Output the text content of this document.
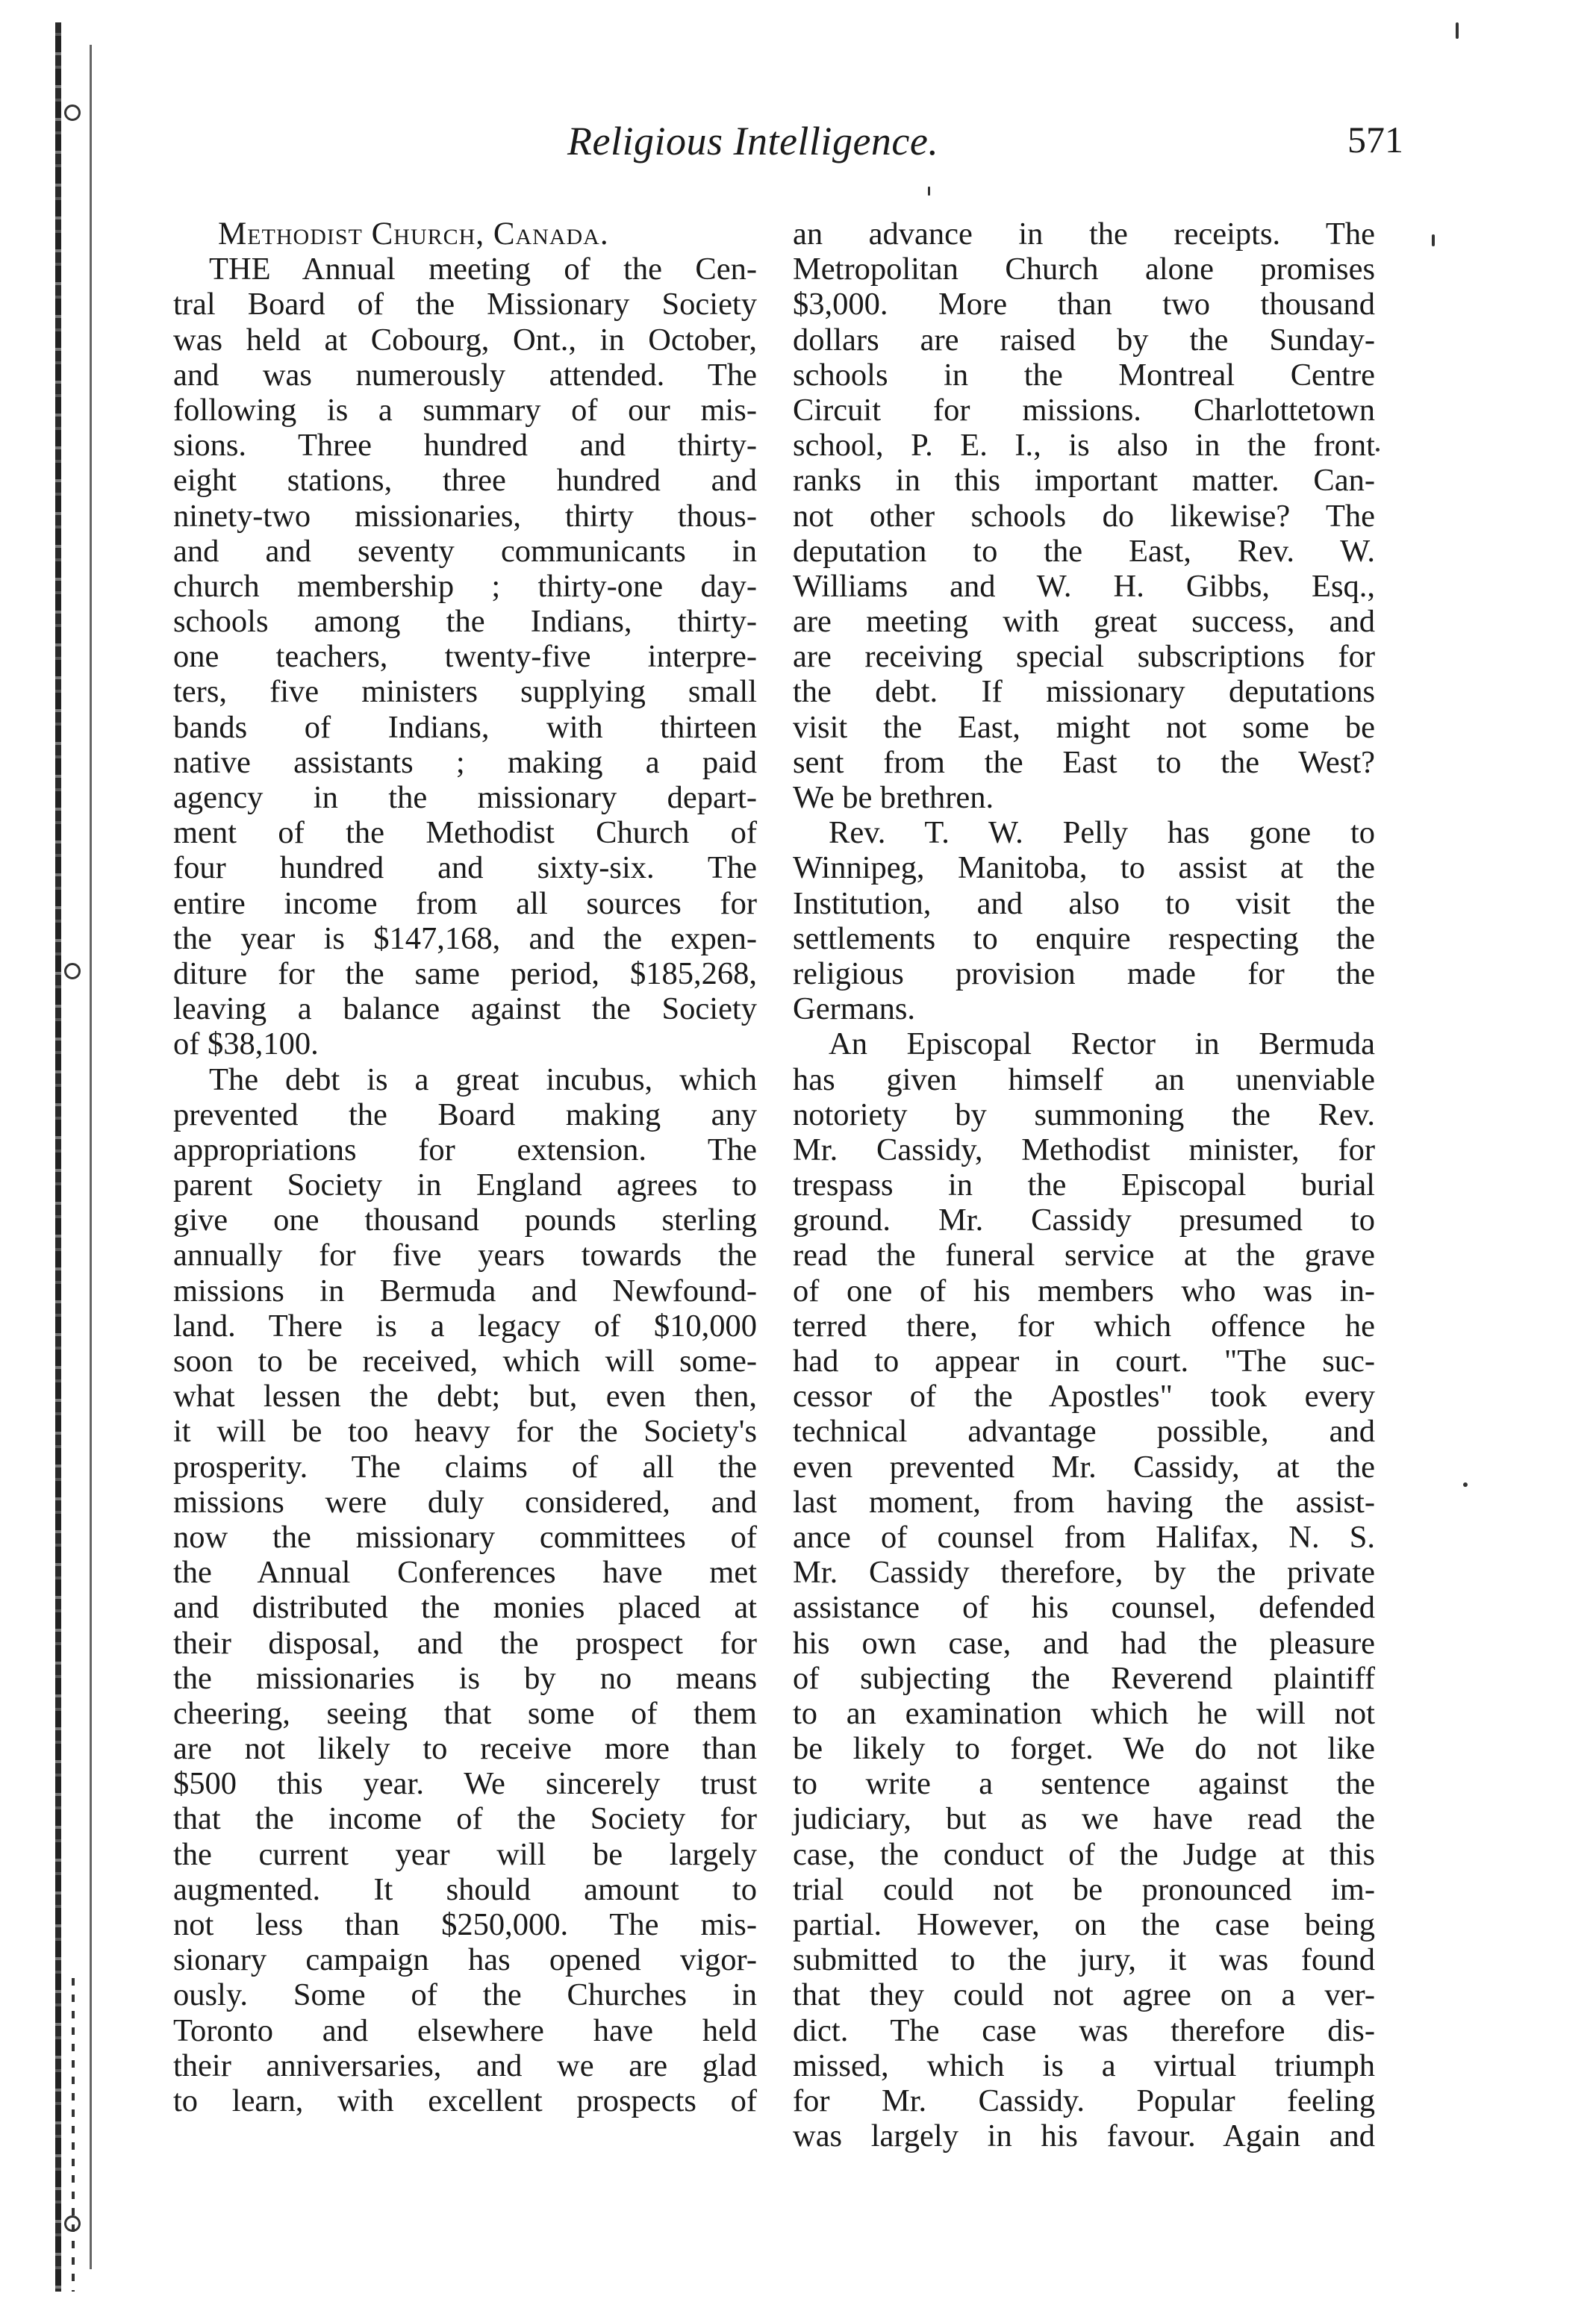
Religious Intelligence.	571
Methodist Church, Canada.
THE Annual meeting of the Cen-
tral Board of the Missionary Society
was held at Cobourg, Ont., in October,
and was numerously attended. The
following is a summary of our mis-
sions. Three hundred and thirty-
eight stations, three hundred and
ninety-two missionaries, thirty thous-
and and seventy communicants in
church membership ; thirty-one day-
schools among the Indians, thirty-
one teachers, twenty-five interpre-
ters, five ministers supplying small
bands of Indians, with thirteen
native assistants ; making a paid
agency in the missionary depart-
ment of the Methodist Church of
four hundred and sixty-six. The
entire income from all sources for
the year is $147,168, and the expen-
diture for the same period, $185,268,
leaving a balance against the Society
of $38,100.
The debt is a great incubus, which
prevented the Board making any
appropriations for extension. The
parent Society in England agrees to
give one thousand pounds sterling
annually for five years towards the
missions in Bermuda and Newfound-
land. There is a legacy of $10,000
soon to be received, which will some-
what lessen the debt; but, even then,
it will be too heavy for the Society's
prosperity. The claims of all the
missions were duly considered, and
now the missionary committees of
the Annual Conferences have met
and distributed the monies placed at
their disposal, and the prospect for
the missionaries is by no means
cheering, seeing that some of them
are not likely to receive more than
$500 this year. We sincerely trust
that the income of the Society for
the current year will be largely
augmented. It should amount to
not less than $250,000. The mis-
sionary campaign has opened vigor-
ously. Some of the Churches in
Toronto and elsewhere have held
their anniversaries, and we are glad
to learn, with excellent prospects of
an advance in the receipts. The
Metropolitan Church alone promises
$3,000. More than two thousand
dollars are raised by the Sunday-
schools in the Montreal Centre
Circuit for missions. Charlottetown
school, P. E. I., is also in the front
ranks in this important matter. Can-
not other schools do likewise? The
deputation to the East, Rev. W.
Williams and W. H. Gibbs, Esq.,
are meeting with great success, and
are receiving special subscriptions for
the debt. If missionary deputations
visit the East, might not some be
sent from the East to the West?
We be brethren.
Rev. T. W. Pelly has gone to
Winnipeg, Manitoba, to assist at the
Institution, and also to visit the
settlements to enquire respecting the
religious provision made for the
Germans.
An Episcopal Rector in Bermuda
has given himself an unenviable
notoriety by summoning the Rev.
Mr. Cassidy, Methodist minister, for
trespass in the Episcopal burial
ground. Mr. Cassidy presumed to
read the funeral service at the grave
of one of his members who was in-
terred there, for which offence he
had to appear in court. "The suc-
cessor of the Apostles" took every
technical advantage possible, and
even prevented Mr. Cassidy, at the
last moment, from having the assist-
ance of counsel from Halifax, N. S.
Mr. Cassidy therefore, by the private
assistance of his counsel, defended
his own case, and had the pleasure
of subjecting the Reverend plaintiff
to an examination which he will not
be likely to forget. We do not like
to write a sentence against the
judiciary, but as we have read the
case, the conduct of the Judge at this
trial could not be pronounced im-
partial. However, on the case being
submitted to the jury, it was found
that they could not agree on a ver-
dict. The case was therefore dis-
missed, which is a virtual triumph
for Mr. Cassidy. Popular feeling
was largely in his favour. Again and
